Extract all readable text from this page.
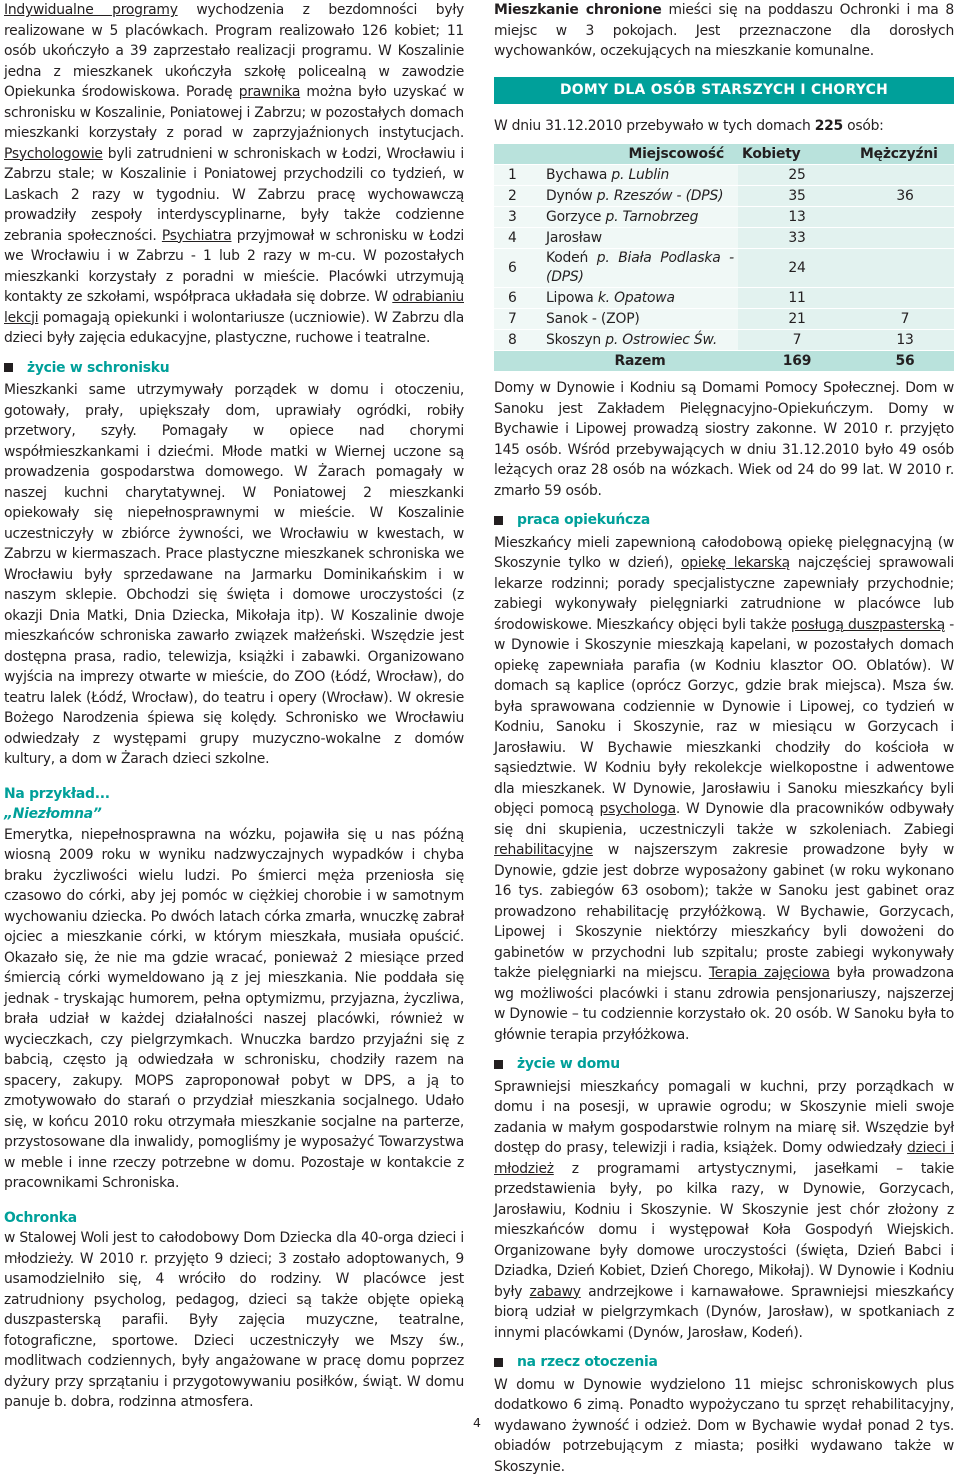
Indywidualne programy wychodzenia z bezdomności były realizowane w 5 placówkach. Program realizowało 126 kobiet; 11 osób ukończyło a 39 zaprzestało realizacji programu. W Koszalinie jedna z mieszkanek ukończyła szkołę policealną w zawodzie Opiekunka środowiskowa. Poradę prawnika można było uzyskać w schronisku w Koszalinie, Poniatowej i Zabrzu; w pozostałych domach mieszkanki korzystały z porad w zaprzyjaźnionych instytucjach. Psychologowie byli zatrudnieni w schroniskach w Łodzi, Wrocławiu i Zabrzu stale; w Koszalinie i Poniatowej przychodzili co tydzień, w Laskach 2 razy w tygodniu. W Zabrzu pracę wychowawczą prowadziły zespoły interdyscyplinarne, były także codzienne zebrania społeczności. Psychiatra przyjmował w schronisku w Łodzi we Wrocławiu i w Zabrzu - 1 lub 2 razy w m-cu. W pozostałych mieszkanki korzystały z poradni w mieście. Placówki utrzymują kontakty ze szkołami, współpraca układała się dobrze. W odrabianiu lekcji pomagają opiekunki i wolontariusze (uczniowie). W Zabrzu dla dzieci były zajęcia edukacyjne, plastyczne, ruchowe i teatralne.

życie w schronisku

Mieszkanki same utrzymywały porządek w domu i otoczeniu, gotowały, prały, upiększały dom, uprawiały ogródki, robiły przetwory, szyły. Pomagały w opiece nad chorymi współmieszkankami i dziećmi. Młode matki w Wiernej uczone są prowadzenia gospodarstwa domowego. W Żarach pomagały w naszej kuchni charytatywnej. W Poniatowej 2 mieszkanki opiekowały się niepełnosprawnymi w mieście. W Koszalinie uczestniczyły w zbiórce żywności, we Wrocławiu w kwestach, w Zabrzu w kiermaszach. Prace plastyczne mieszkanek schroniska we Wrocławiu były sprzedawane na Jarmarku Dominikańskim i w naszym sklepie. Obchodzi się święta i domowe uroczystości (z okazji Dnia Matki, Dnia Dziecka, Mikołaja itp). W Koszalinie dwoje mieszkańców schroniska zawarło związek małżeński. Wszędzie jest dostępna prasa, radio, telewizja, książki i zabawki. Organizowano wyjścia na imprezy otwarte w mieście, do ZOO (Łódź, Wrocław), do teatru lalek (Łódź, Wrocław), do teatru i opery (Wrocław). W okresie Bożego Narodzenia śpiewa się kolędy. Schronisko we Wrocławiu odwiedzały z występami grupy muzyczno-wokalne z domów kultury, a dom w Żarach dzieci szkolne.

Na przykład...

„Niezłomna”

Emerytka, niepełnosprawna na wózku, pojawiła się u nas późną wiosną 2009 roku w wyniku nadzwyczajnych wypadków i chyba braku życzliwości wielu ludzi. Po śmierci męża przeniosła się czasowo do córki, aby jej pomóc w ciężkiej chorobie i w samotnym wychowaniu dziecka. Po dwóch latach córka zmarła, wnuczkę zabrał ojciec a mieszkanie córki, w którym mieszkała, musiała opuścić. Okazało się, że nie ma gdzie wracać, ponieważ 2 miesiące przed śmiercią córki wymeldowano ją z jej mieszkania. Nie poddała się jednak - tryskając humorem, pełna optymizmu, przyjazna, życzliwa, brała udział w każdej działalności naszej placówki, również w wycieczkach, czy pielgrzymkach. Wnuczka bardzo przyjaźni się z babcią, często ją odwiedzała w schronisku, chodziły razem na spacery, zakupy. MOPS zaproponował pobyt w DPS, a ją to zmotywowało do starań o przydział mieszkania socjalnego. Udało się, w końcu 2010 roku otrzymała mieszkanie socjalne na parterze, przystosowane dla inwalidy, pomogliśmy je wyposażyć Towarzystwa w meble i inne rzeczy potrzebne w domu. Pozostaje w kontakcie z pracownikami Schroniska.

Ochronka

w Stalowej Woli jest to całodobowy Dom Dziecka dla 40-orga dzieci i młodzieży. W 2010 r. przyjęto 9 dzieci; 3 zostało adoptowanych, 9 usamodzielniło się, 4 wróciło do rodziny. W placówce jest zatrudniony psycholog, pedagog, dzieci są także objęte opieką duszpasterską parafii. Były zajęcia muzyczne, teatralne, fotograficzne, sportowe. Dzieci uczestniczyły we Mszy św., modlitwach codziennych, były angażowane w pracę domu poprzez dyżury przy sprzątaniu i przygotowywaniu posiłków, świąt. W domu panuje b. dobra, rodzinna atmosfera.

Mieszkanie chronione mieści się na poddaszu Ochronki i ma 8 miejsc w 3 pokojach. Jest przeznaczone dla dorosłych wychowanków, oczekujących na mieszkanie komunalne.

DOMY DLA OSÓB STARSZYCH I CHORYCH

W dniu 31.12.2010 przebywało w tych domach 225 osób:

Miejscowość		Kobiety	Mężczyźni
1	Bychawa p. Lublin	25	
2	Dynów p. Rzeszów - (DPS)	35	36
3	Gorzyce p. Tarnobrzeg	13	
4	Jarosław	33	
6	Kodeń p. Biała Podlaska - (DPS)	24	
6	Lipowa k. Opatowa	11	
7	Sanok - (ZOP)	21	7
8	Skoszyn p. Ostrowiec Św.	7	13
	Razem	169	56

Domy w Dynowie i Kodniu są Domami Pomocy Społecznej. Dom w Sanoku jest Zakładem Pielęgnacyjno-Opiekuńczym. Domy w Bychawie i Lipowej prowadzą siostry zakonne. W 2010 r. przyjęto 145 osób. Wśród przebywających w dniu 31.12.2010 było 49 osób leżących oraz 28 osób na wózkach. Wiek od 24 do 99 lat. W 2010 r. zmarło 59 osób.

praca opiekuńcza

Mieszkańcy mieli zapewnioną całodobową opiekę pielęgnacyjną (w Skoszynie tylko w dzień), opiekę lekarską najczęściej sprawowali lekarze rodzinni; porady specjalistyczne zapewniały przychodnie; zabiegi wykonywały pielęgniarki zatrudnione w placówce lub środowiskowe. Mieszkańcy objęci byli także posługą duszpasterską - w Dynowie i Skoszynie mieszkają kapelani, w pozostałych domach opiekę zapewniała parafia (w Kodniu klasztor OO. Oblatów). W domach są kaplice (oprócz Gorzyc, gdzie brak miejsca). Msza św. była sprawowana codziennie w Dynowie i Lipowej, co tydzień w Kodniu, Sanoku i Skoszynie, raz w miesiącu w Gorzycach i Jarosławiu. W Bychawie mieszkanki chodziły do kościoła w sąsiedztwie. W Kodniu były rekolekcje wielkopostne i adwentowe dla mieszkanek. W Dynowie, Jarosławiu i Sanoku mieszkańcy byli objęci pomocą psychologa. W Dynowie dla pracowników odbywały się dni skupienia, uczestniczyli także w szkoleniach. Zabiegi rehabilitacyjne w najszerszym zakresie prowadzone były w Dynowie, gdzie jest dobrze wyposażony gabinet (w roku wykonano 16 tys. zabiegów 63 osobom); także w Sanoku jest gabinet oraz prowadzono rehabilitację przyłóżkową. W Bychawie, Gorzycach, Lipowej i Skoszynie niektórzy mieszkańcy byli dowożeni do gabinetów w przychodni lub szpitalu; proste zabiegi wykonywały także pielęgniarki na miejscu. Terapia zajęciowa była prowadzona wg możliwości placówki i stanu zdrowia pensjonariuszy, najszerzej w Dynowie – tu codziennie korzystało ok. 20 osób. W Sanoku była to głównie terapia przyłóżkowa.

życie w domu

Sprawniejsi mieszkańcy pomagali w kuchni, przy porządkach w domu i na posesji, w uprawie ogrodu; w Skoszynie mieli swoje zadania w małym gospodarstwie rolnym na miarę sił. Wszędzie był dostęp do prasy, telewizji i radia, książek. Domy odwiedzały dzieci i młodzież z programami artystycznymi, jasełkami – takie przedstawienia były, po kilka razy, w Dynowie, Gorzycach, Jarosławiu, Kodniu i Skoszynie. W Skoszynie jest chór złożony z mieszkańców domu i występował Koła Gospodyń Wiejskich. Organizowane były domowe uroczystości (święta, Dzień Babci i Dziadka, Dzień Kobiet, Dzień Chorego, Mikołaj). W Dynowie i Kodniu były zabawy andrzejkowe i karnawałowe. Sprawniejsi mieszkańcy biorą udział w pielgrzymkach (Dynów, Jarosław), w spotkaniach z innymi placówkami (Dynów, Jarosław, Kodeń).

na rzecz otoczenia

W domu w Dynowie wydzielono 11 miejsc schroniskowych plus dodatkowo 6 zimą. Ponadto wypożyczano tu sprzęt rehabilitacyjny, wydawano żywność i odzież. Dom w Bychawie wydał ponad 2 tys. obiadów potrzebującym z miasta; posiłki wydawano także w Skoszynie.

4
